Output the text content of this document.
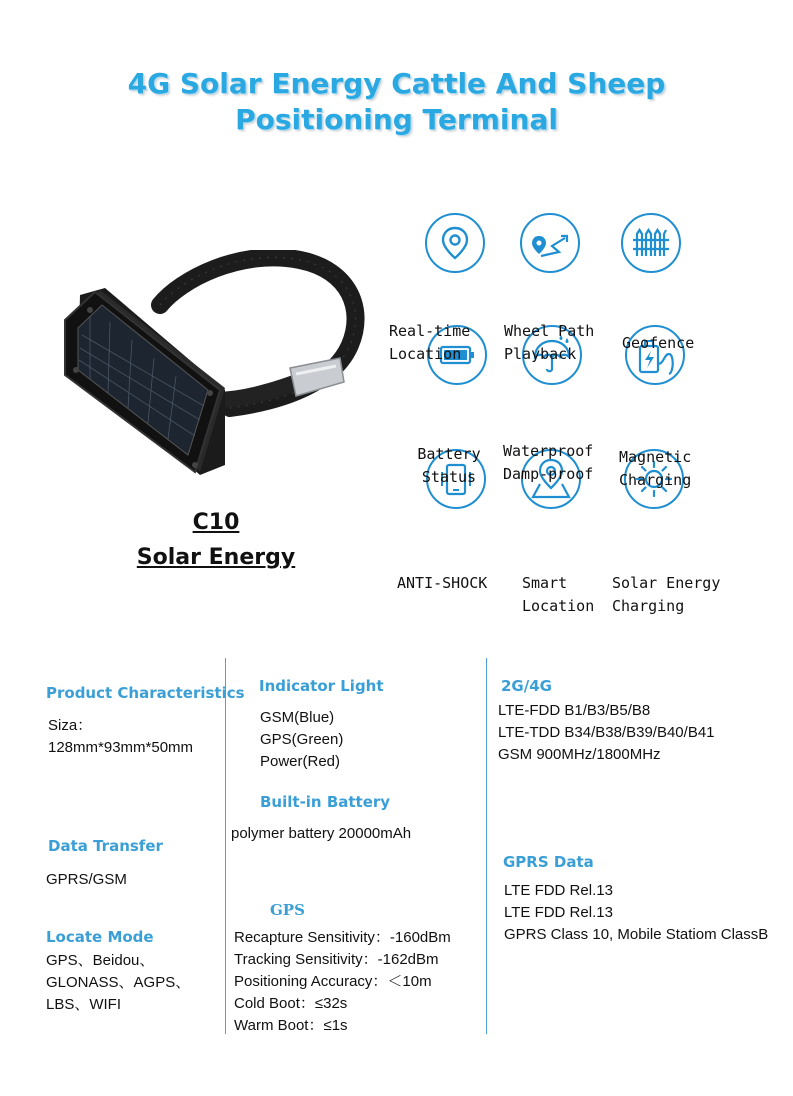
4G Solar Energy Cattle And Sheep
Positioning Terminal
C10
Solar Energy

Real-time
Location

Wheel Path
Playback

Geofence

Battery
Status

Waterproof
Damp-proof

Magnetic
Charging

ANTI-SHOCK

Smart
Location

Solar Energy
Charging

Product Characteristics
Siza：
128mm*93mm*50mm
Data Transfer
GPRS/GSM
Locate Mode
GPS、Beidou、
GLONASS、AGPS、
LBS、WIFI
Indicator Light
GSM(Blue)
GPS(Green)
Power(Red)
Built-in Battery
polymer battery 20000mAh
GPS
Recapture Sensitivity：-160dBm
Tracking Sensitivity：-162dBm
Positioning Accuracy：＜10m
Cold Boot：≤32s
Warm Boot：≤1s
2G/4G
LTE-FDD B1/B3/B5/B8
LTE-TDD B34/B38/B39/B40/B41
GSM 900MHz/1800MHz
GPRS Data
LTE FDD Rel.13
LTE FDD Rel.13
GPRS Class 10, Mobile Statiom ClassB
